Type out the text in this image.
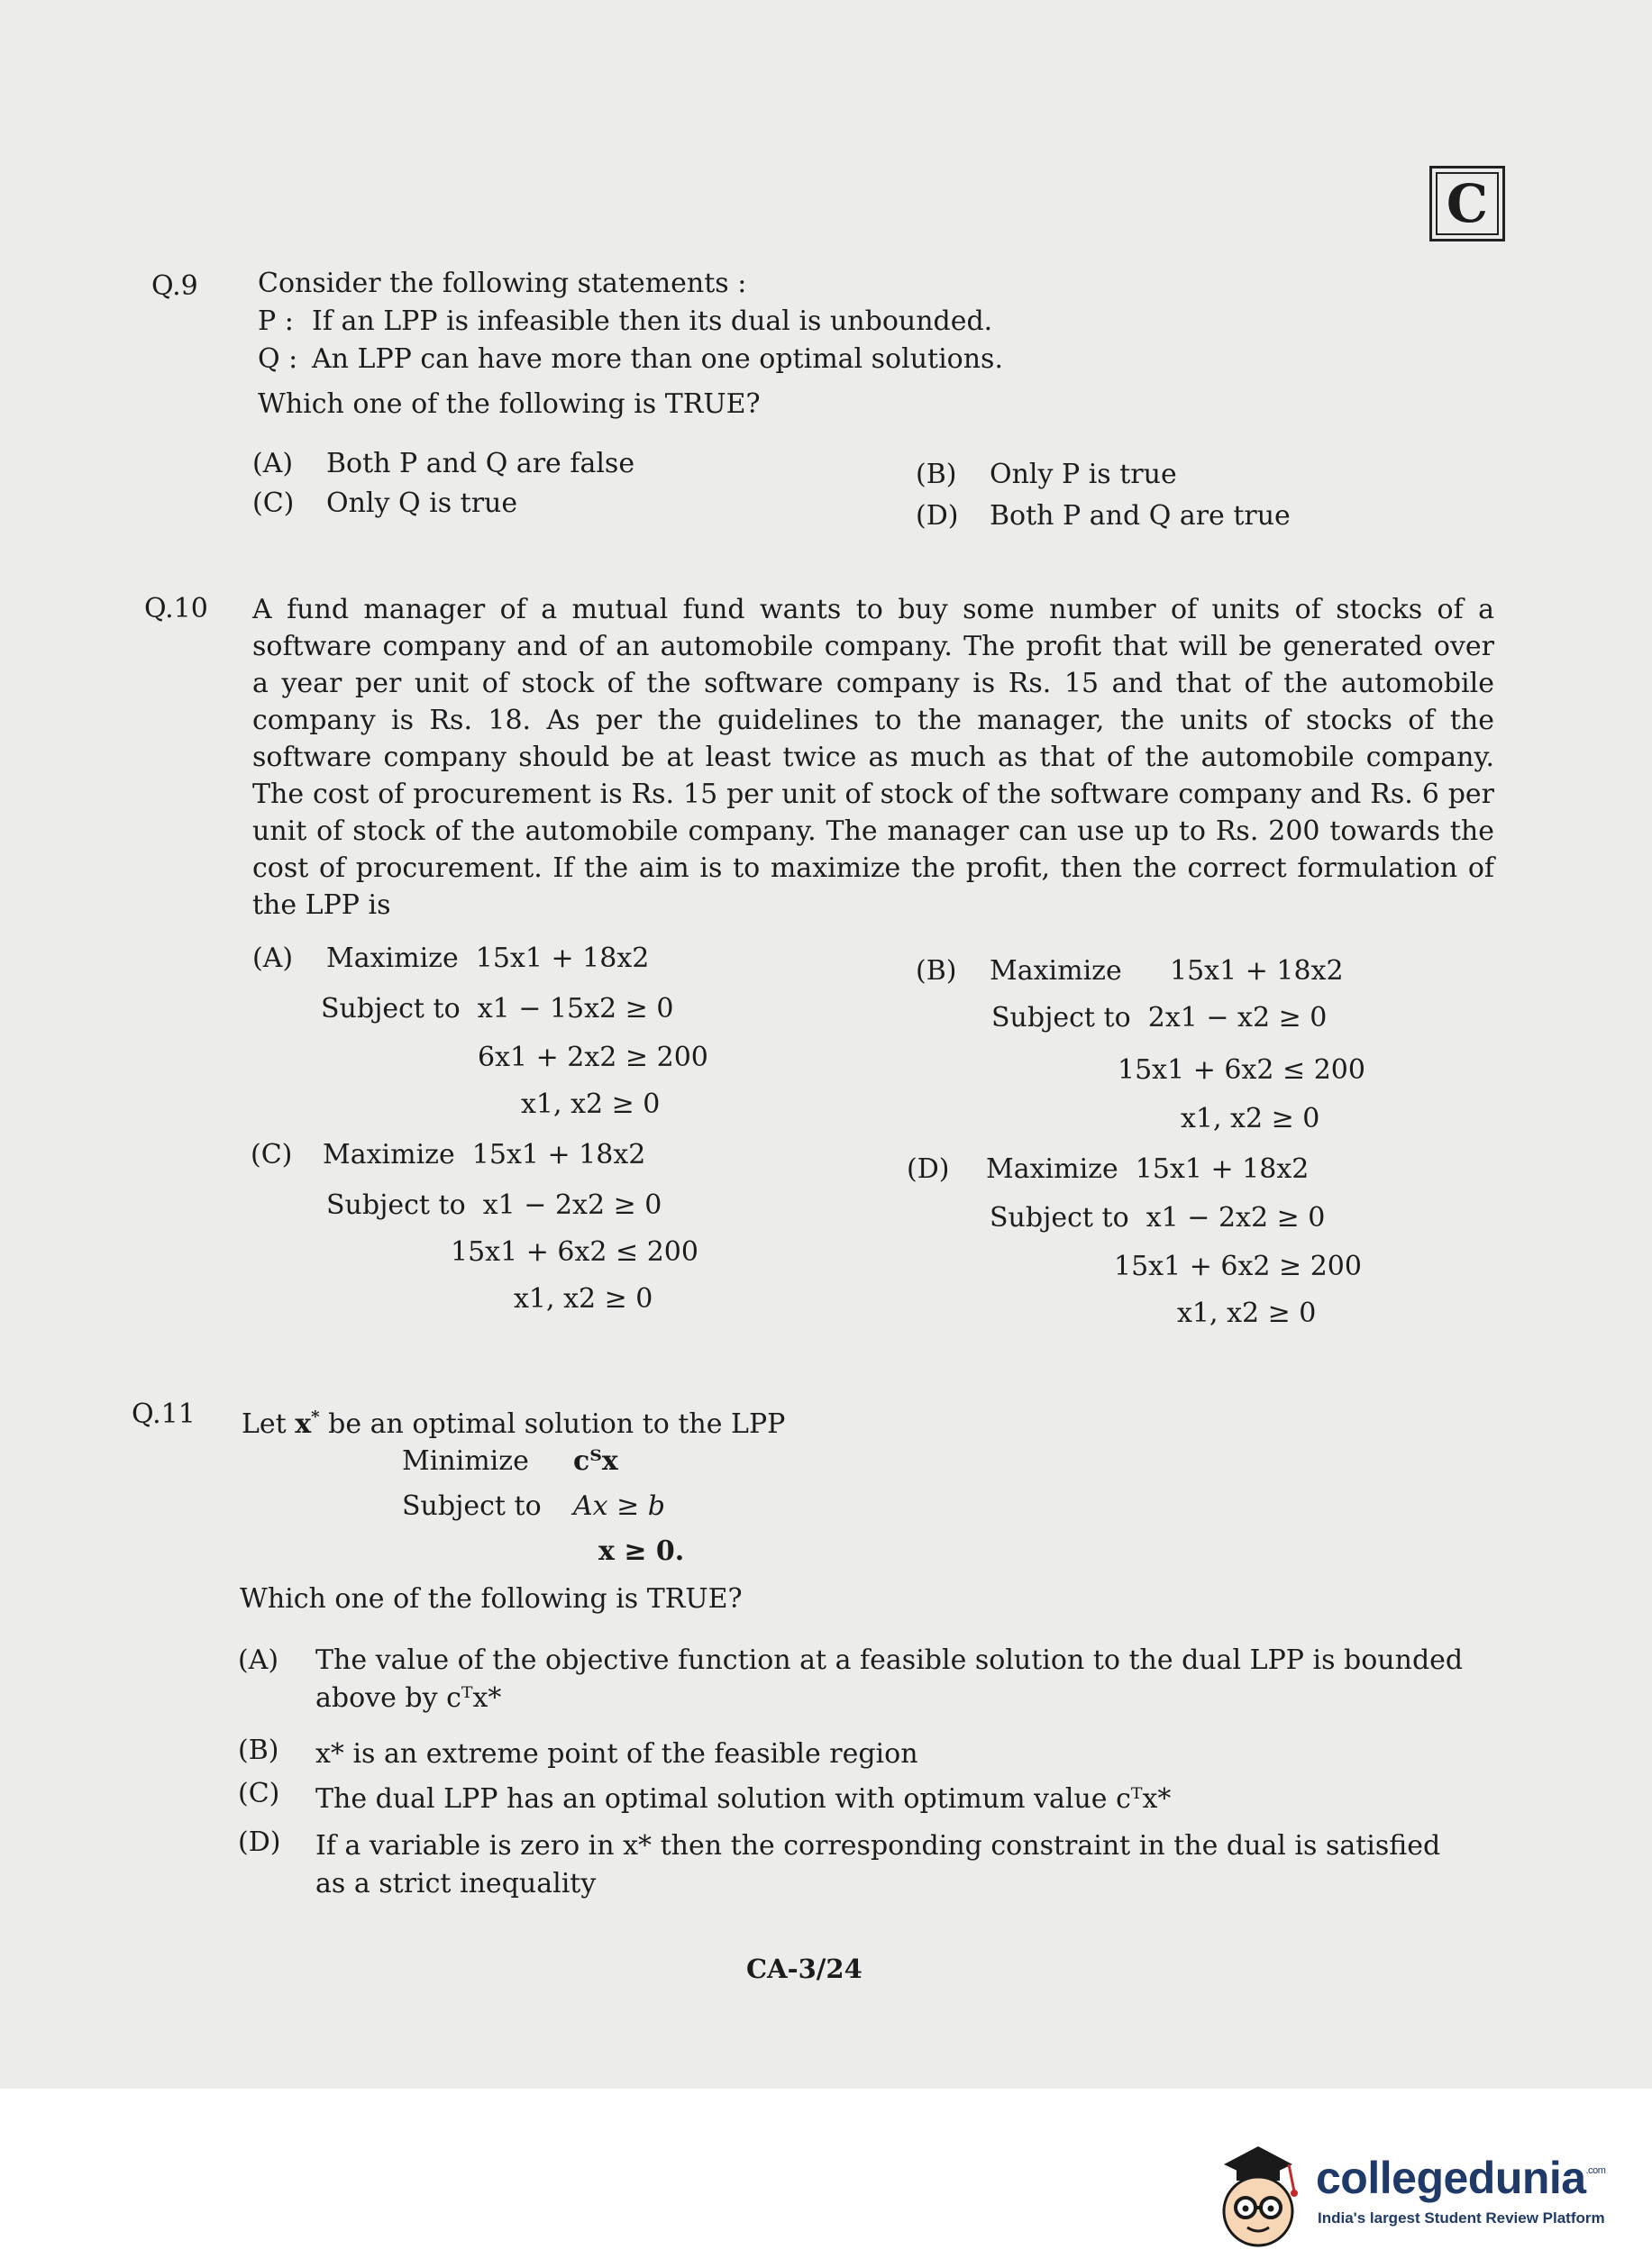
C
Q.9 Consider the following statements :
P : If an LPP is infeasible then its dual is unbounded.
Q : An LPP can have more than one optimal solutions.
Which one of the following is TRUE?
(A) Both P and Q are false	(B) Only P is true
(C) Only Q is true	(D) Both P and Q are true
Q.10 A fund manager of a mutual fund wants to buy some number of units of stocks of a
software company and of an automobile company. The profit that will be generated over
a year per unit of stock of the software company is Rs. 15 and that of the automobile
company is Rs. 18. As per the guidelines to the manager, the units of stocks of the
software company should be at least twice as much as that of the automobile company.
The cost of procurement is Rs. 15 per unit of stock of the software company and Rs. 6 per
unit of stock of the automobile company. The manager can use up to Rs. 200 towards the
cost of procurement. If the aim is to maximize the profit, then the correct formulation of
the LPP is
(A) Maximize 15x1 + 18x2
Subject to x1 − 15x2 ≥ 0
6x1 + 2x2 ≥ 200
x1, x2 ≥ 0
(B) Maximize 15x1 + 18x2
Subject to 2x1 − x2 ≥ 0
15x1 + 6x2 ≤ 200
x1, x2 ≥ 0
(C) Maximize 15x1 + 18x2
Subject to x1 − 2x2 ≥ 0
15x1 + 6x2 ≤ 200
x1, x2 ≥ 0
(D) Maximize 15x1 + 18x2
Subject to x1 − 2x2 ≥ 0
15x1 + 6x2 ≥ 200
x1, x2 ≥ 0
Q.11 Let x* be an optimal solution to the LPP
Minimize cᵀx
Subject to Ax ≥ b
x ≥ 0.
Which one of the following is TRUE?
(A) The value of the objective function at a feasible solution to the dual LPP is bounded
above by cᵀx*
(B) x* is an extreme point of the feasible region
(C) The dual LPP has an optimal solution with optimum value cᵀx*
(D) If a variable is zero in x* then the corresponding constraint in the dual is satisfied
as a strict inequality
CA-3/24
collegedunia$^{.com}$
India's largest Student Review Platform
